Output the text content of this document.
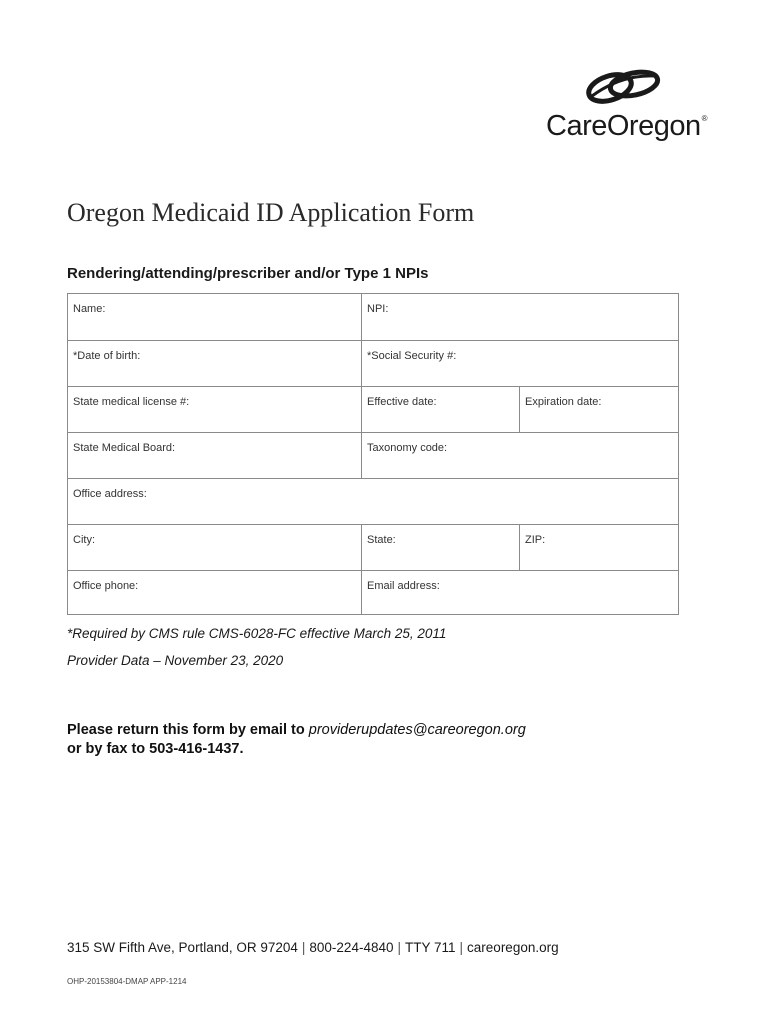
CareOregon®
Oregon Medicaid ID Application Form
Rendering/attending/prescriber and/or Type 1 NPIs
Name:	NPI:
*Date of birth:	*Social Security #:
State medical license #:	Effective date:	Expiration date:
State Medical Board:	Taxonomy code:
Office address:
City:	State:	ZIP:
Office phone:	Email address:

*Required by CMS rule CMS-6028-FC effective March 25, 2011

Provider Data – November 23, 2020

Please return this form by email to providerupdates@careoregon.org
or by fax to 503-416-1437.

315 SW Fifth Ave, Portland, OR 97204 | 800-224-4840 | TTY 711 | careoregon.org

OHP-20153804-DMAP APP-1214
